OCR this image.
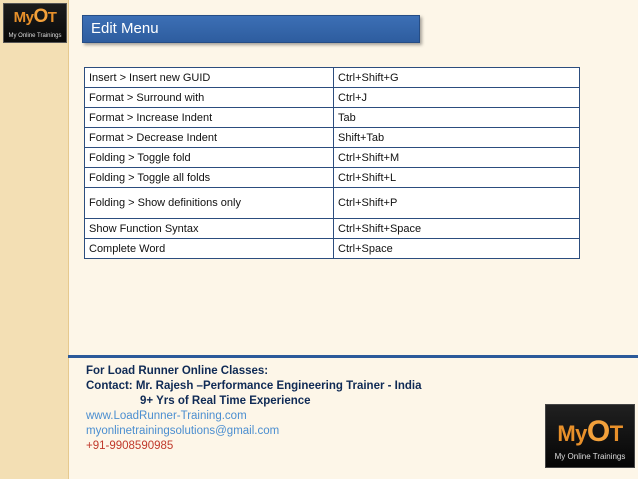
MyOT
My Online Trainings Edit Menu
Insert > Insert new GUID	Ctrl+Shift+G
Format > Surround with	Ctrl+J
Format > Increase Indent	Tab
Format > Decrease Indent	Shift+Tab
Folding > Toggle fold	Ctrl+Shift+M
Folding > Toggle all folds	Ctrl+Shift+L
Folding > Show definitions only	Ctrl+Shift+P
Show Function Syntax	Ctrl+Shift+Space
Complete Word	Ctrl+Space
For Load Runner Online Classes:
Contact: Mr. Rajesh –Performance Engineering Trainer - India
9+ Yrs of Real Time Experience
www.LoadRunner-Training.com
myonlinetrainingsolutions@gmail.com
+91-9908590985	MyOT
My Online Trainings
